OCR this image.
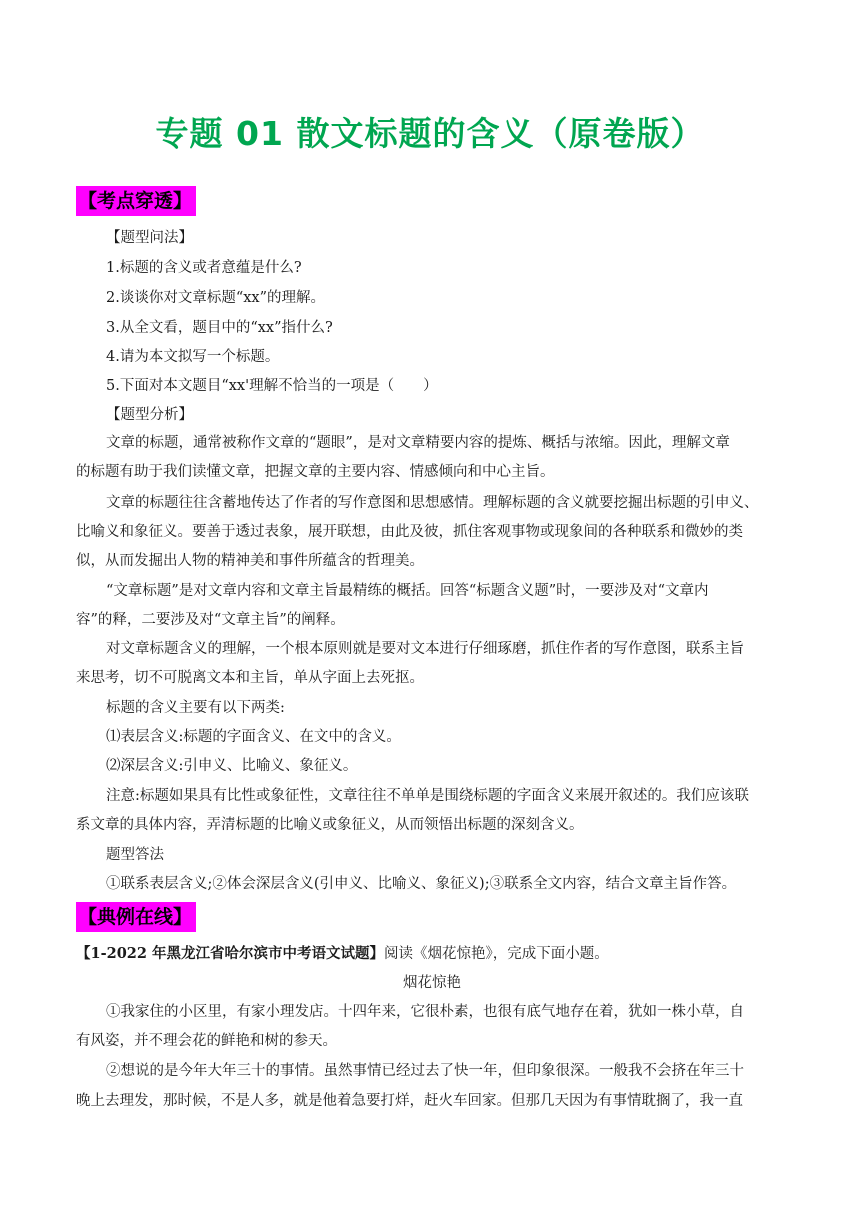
专题 01 散文标题的含义（原卷版）
【考点穿透】
【题型问法】
1.标题的含义或者意蕴是什么?
2.谈谈你对文章标题“xx”的理解。
3.从全文看，题目中的“xx”指什么?
4.请为本文拟写一个标题。
5.下面对本文题目“xx'理解不恰当的一项是（　　）
【题型分析】
文章的标题，通常被称作文章的“题眼”，是对文章精要内容的提炼、概括与浓缩。因此，理解文章
的标题有助于我们读懂文章，把握文章的主要内容、情感倾向和中心主旨。
文章的标题往往含蓄地传达了作者的写作意图和思想感情。理解标题的含义就要挖掘出标题的引申义、
比喻义和象征义。要善于透过表象，展开联想，由此及彼，抓住客观事物或现象间的各种联系和微妙的类
似，从而发掘出人物的精神美和事件所蕴含的哲理美。
“文章标题”是对文章内容和文章主旨最精练的概括。回答“标题含义题”时，一要涉及对“文章内
容”的释，二要涉及对“文章主旨”的阐释。
对文章标题含义的理解，一个根本原则就是要对文本进行仔细琢磨，抓住作者的写作意图，联系主旨
来思考，切不可脱离文本和主旨，单从字面上去死抠。
标题的含义主要有以下两类:
⑴表层含义:标题的字面含义、在文中的含义。
⑵深层含义:引申义、比喻义、象征义。
注意:标题如果具有比性或象征性，文章往往不单单是围绕标题的字面含义来展开叙述的。我们应该联
系文章的具体内容，弄清标题的比喻义或象征义，从而领悟出标题的深刻含义。
题型答法
①联系表层含义;②体会深层含义(引申义、比喻义、象征义);③联系全文内容，结合文章主旨作答。
【典例在线】
【1-2022 年黑龙江省哈尔滨市中考语文试题】阅读《烟花惊艳》，完成下面小题。
烟花惊艳
①我家住的小区里，有家小理发店。十四年来，它很朴素，也很有底气地存在着，犹如一株小草，自
有风姿，并不理会花的鲜艳和树的参天。
②想说的是今年大年三十的事情。虽然事情已经过去了快一年，但印象很深。一般我不会挤在年三十
晚上去理发，那时候，不是人多，就是他着急要打烊，赶火车回家。但那几天因为有事情耽搁了，我一直
